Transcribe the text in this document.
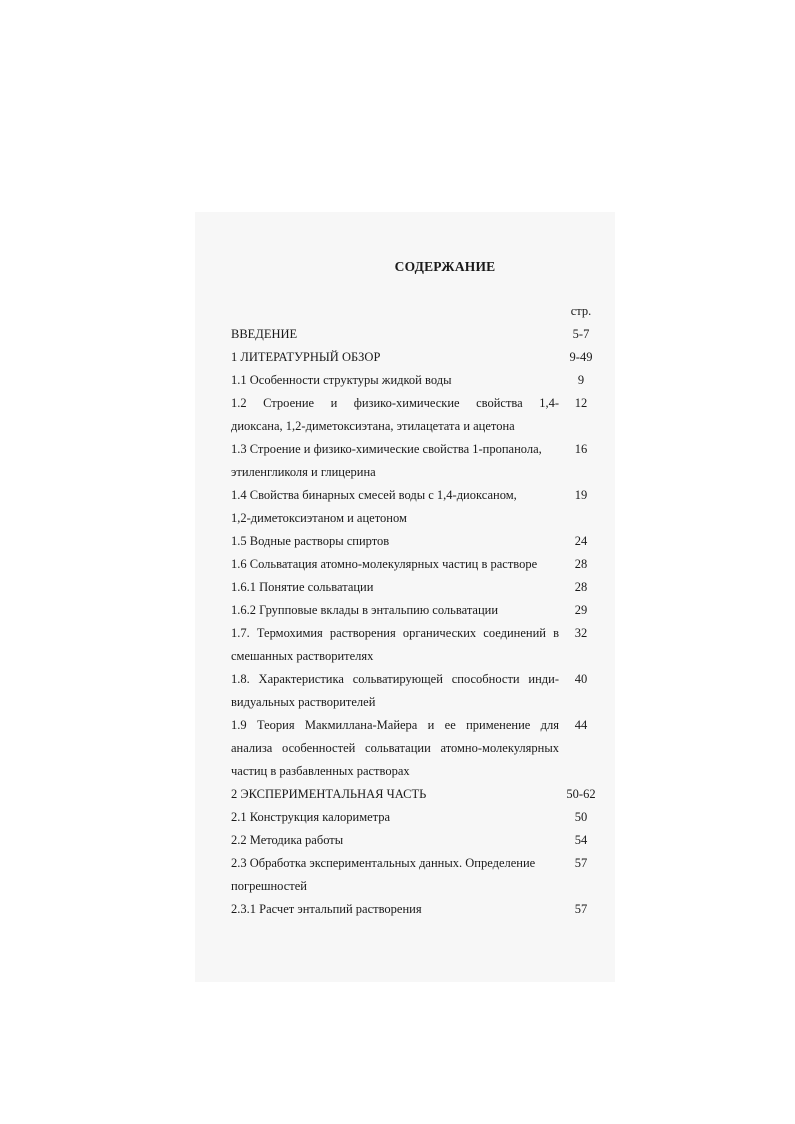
СОДЕРЖАНИЕ
стр.
ВВЕДЕНИЕ	5-7
1 ЛИТЕРАТУРНЫЙ ОБЗОР	9-49
1.1 Особенности структуры жидкой воды	9
1.2 Строение и физико-химические свойства 1,4-	12
диоксана, 1,2-диметоксиэтана, этилацетата и ацетона
1.3 Строение и физико-химические свойства 1-пропанола,	16
этиленгликоля и глицерина
1.4 Свойства бинарных смесей воды с 1,4-диоксаном,	19
1,2-диметоксиэтаном и ацетоном
1.5 Водные растворы спиртов	24
1.6 Сольватация атомно-молекулярных частиц в растворе	28
1.6.1 Понятие сольватации	28
1.6.2 Групповые вклады в энтальпию сольватации	29
1.7. Термохимия растворения органических соединений в	32
смешанных растворителях
1.8. Характеристика сольватирующей способности инди-	40
видуальных растворителей
1.9 Теория Макмиллана-Майера и ее применение для	44
анализа особенностей сольватации атомно-молекулярных
частиц в разбавленных растворах
2 ЭКСПЕРИМЕНТАЛЬНАЯ ЧАСТЬ	50-62
2.1 Конструкция калориметра	50
2.2 Методика работы	54
2.3 Обработка экспериментальных данных. Определение	57
погрешностей
2.3.1 Расчет энтальпий растворения	57
